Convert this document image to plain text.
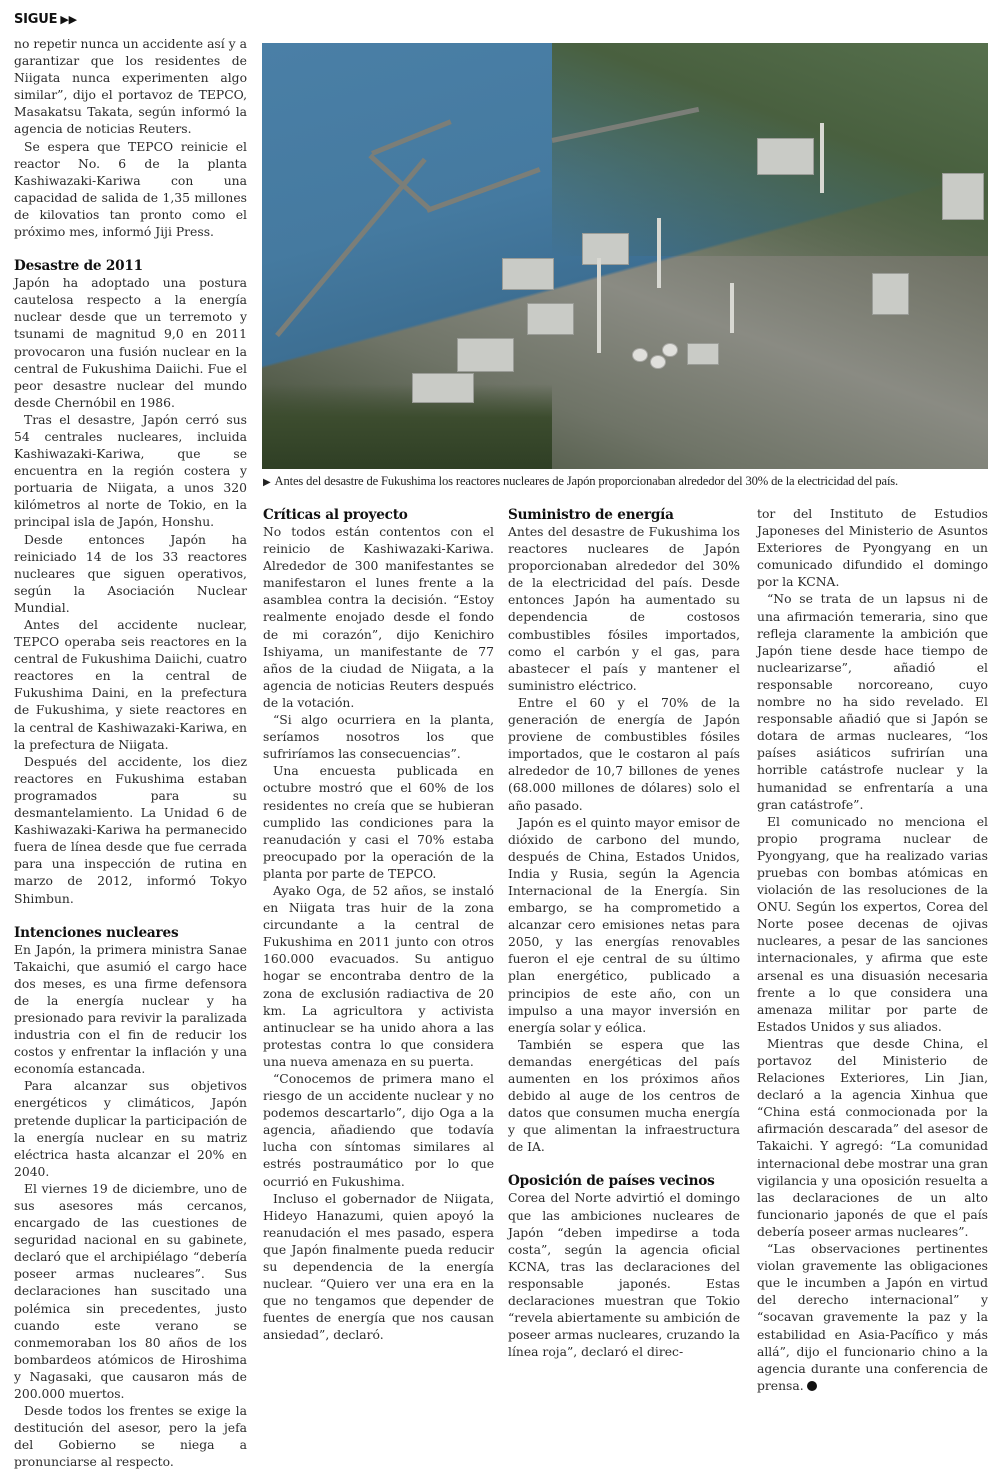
SIGUE ▶▶

no repetir nunca un accidente así y a garantizar que los residentes de Niigata nunca experimenten algo similar”, dijo el portavoz de TEPCO, Masakatsu Takata, según informó la agencia de noticias Reuters.

Se espera que TEPCO reinicie el reactor No. 6 de la planta Kashiwazaki-Kariwa con una capacidad de salida de 1,35 millones de kilovatios tan pronto como el próximo mes, informó Jiji Press.

Desastre de 2011

Japón ha adoptado una postura cautelosa respecto a la energía nuclear desde que un terremoto y tsunami de magnitud 9,0 en 2011 provocaron una fusión nuclear en la central de Fukushima Daiichi. Fue el peor desastre nuclear del mundo desde Chernóbil en 1986.

Tras el desastre, Japón cerró sus 54 centrales nucleares, incluida Kashiwazaki-Kariwa, que se encuentra en la región costera y portuaria de Niigata, a unos 320 kilómetros al norte de Tokio, en la principal isla de Japón, Honshu.

Desde entonces Japón ha reiniciado 14 de los 33 reactores nucleares que siguen operativos, según la Asociación Nuclear Mundial.

Antes del accidente nuclear, TEPCO operaba seis reactores en la central de Fukushima Daiichi, cuatro reactores en la central de Fukushima Daini, en la prefectura de Fukushima, y siete reactores en la central de Kashiwazaki-Kariwa, en la prefectura de Niigata.

Después del accidente, los diez reactores en Fukushima estaban programados para su desmantelamiento. La Unidad 6 de Kashiwazaki-Kariwa ha permanecido fuera de línea desde que fue cerrada para una inspección de rutina en marzo de 2012, informó Tokyo Shimbun.

Intenciones nucleares

En Japón, la primera ministra Sanae Takaichi, que asumió el cargo hace dos meses, es una firme defensora de la energía nuclear y ha presionado para revivir la paralizada industria con el fin de reducir los costos y enfrentar la inflación y una economía estancada.

Para alcanzar sus objetivos energéticos y climáticos, Japón pretende duplicar la participación de la energía nuclear en su matriz eléctrica hasta alcanzar el 20% en 2040.

El viernes 19 de diciembre, uno de sus asesores más cercanos, encargado de las cuestiones de seguridad nacional en su gabinete, declaró que el archipiélago “debería poseer armas nucleares”. Sus declaraciones han suscitado una polémica sin precedentes, justo cuando este verano se conmemoraban los 80 años de los bombardeos atómicos de Hiroshima y Nagasaki, que causaron más de 200.000 muertos.

Desde todos los frentes se exige la destitución del asesor, pero la jefa del Gobierno se niega a pronunciarse al respecto.

▶ Antes del desastre de Fukushima los reactores nucleares de Japón proporcionaban alrededor del 30% de la electricidad del país.
Críticas al proyecto

No todos están contentos con el reinicio de Kashiwazaki-Kariwa. Alrededor de 300 manifestantes se manifestaron el lunes frente a la asamblea contra la decisión. “Estoy realmente enojado desde el fondo de mi corazón”, dijo Kenichiro Ishiyama, un manifestante de 77 años de la ciudad de Niigata, a la agencia de noticias Reuters después de la votación.

“Si algo ocurriera en la planta, seríamos nosotros los que sufriríamos las consecuencias”.

Una encuesta publicada en octubre mostró que el 60% de los residentes no creía que se hubieran cumplido las condiciones para la reanudación y casi el 70% estaba preocupado por la operación de la planta por parte de TEPCO.

Ayako Oga, de 52 años, se instaló en Niigata tras huir de la zona circundante a la central de Fukushima en 2011 junto con otros 160.000 evacuados. Su antiguo hogar se encontraba dentro de la zona de exclusión radiactiva de 20 km. La agricultora y activista antinuclear se ha unido ahora a las protestas contra lo que considera una nueva amenaza en su puerta.

“Conocemos de primera mano el riesgo de un accidente nuclear y no podemos descartarlo”, dijo Oga a la agencia, añadiendo que todavía lucha con síntomas similares al estrés postraumático por lo que ocurrió en Fukushima.

Incluso el gobernador de Niigata, Hideyo Hanazumi, quien apoyó la reanudación el mes pasado, espera que Japón finalmente pueda reducir su dependencia de la energía nuclear. “Quiero ver una era en la que no tengamos que depender de fuentes de energía que nos causan ansiedad”, declaró.

Suministro de energía

Antes del desastre de Fukushima los reactores nucleares de Japón proporcionaban alrededor del 30% de la electricidad del país. Desde entonces Japón ha aumentado su dependencia de costosos combustibles fósiles importados, como el carbón y el gas, para abastecer el país y mantener el suministro eléctrico.

Entre el 60 y el 70% de la generación de energía de Japón proviene de combustibles fósiles importados, que le costaron al país alrededor de 10,7 billones de yenes (68.000 millones de dólares) solo el año pasado.

Japón es el quinto mayor emisor de dióxido de carbono del mundo, después de China, Estados Unidos, India y Rusia, según la Agencia Internacional de la Energía. Sin embargo, se ha comprometido a alcanzar cero emisiones netas para 2050, y las energías renovables fueron el eje central de su último plan energético, publicado a principios de este año, con un impulso a una mayor inversión en energía solar y eólica.

También se espera que las demandas energéticas del país aumenten en los próximos años debido al auge de los centros de datos que consumen mucha energía y que alimentan la infraestructura de IA.

Oposición de países vecinos

Corea del Norte advirtió el domingo que las ambiciones nucleares de Japón “deben impedirse a toda costa”, según la agencia oficial KCNA, tras las declaraciones del responsable japonés. Estas declaraciones muestran que Tokio “revela abiertamente su ambición de poseer armas nucleares, cruzando la línea roja”, declaró el direc-

tor del Instituto de Estudios Japoneses del Ministerio de Asuntos Exteriores de Pyongyang en un comunicado difundido el domingo por la KCNA.

“No se trata de un lapsus ni de una afirmación temeraria, sino que refleja claramente la ambición que Japón tiene desde hace tiempo de nuclearizarse”, añadió el responsable norcoreano, cuyo nombre no ha sido revelado. El responsable añadió que si Japón se dotara de armas nucleares, “los países asiáticos sufrirían una horrible catástrofe nuclear y la humanidad se enfrentaría a una gran catástrofe”.

El comunicado no menciona el propio programa nuclear de Pyongyang, que ha realizado varias pruebas con bombas atómicas en violación de las resoluciones de la ONU. Según los expertos, Corea del Norte posee decenas de ojivas nucleares, a pesar de las sanciones internacionales, y afirma que este arsenal es una disuasión necesaria frente a lo que considera una amenaza militar por parte de Estados Unidos y sus aliados.

Mientras que desde China, el portavoz del Ministerio de Relaciones Exteriores, Lin Jian, declaró a la agencia Xinhua que “China está conmocionada por la afirmación descarada” del asesor de Takaichi. Y agregó: “La comunidad internacional debe mostrar una gran vigilancia y una oposición resuelta a las declaraciones de un alto funcionario japonés de que el país debería poseer armas nucleares”.

“Las observaciones pertinentes violan gravemente las obligaciones que le incumben a Japón en virtud del derecho internacional” y “socavan gravemente la paz y la estabilidad en Asia-Pacífico y más allá”, dijo el funcionario chino a la agencia durante una conferencia de prensa.
